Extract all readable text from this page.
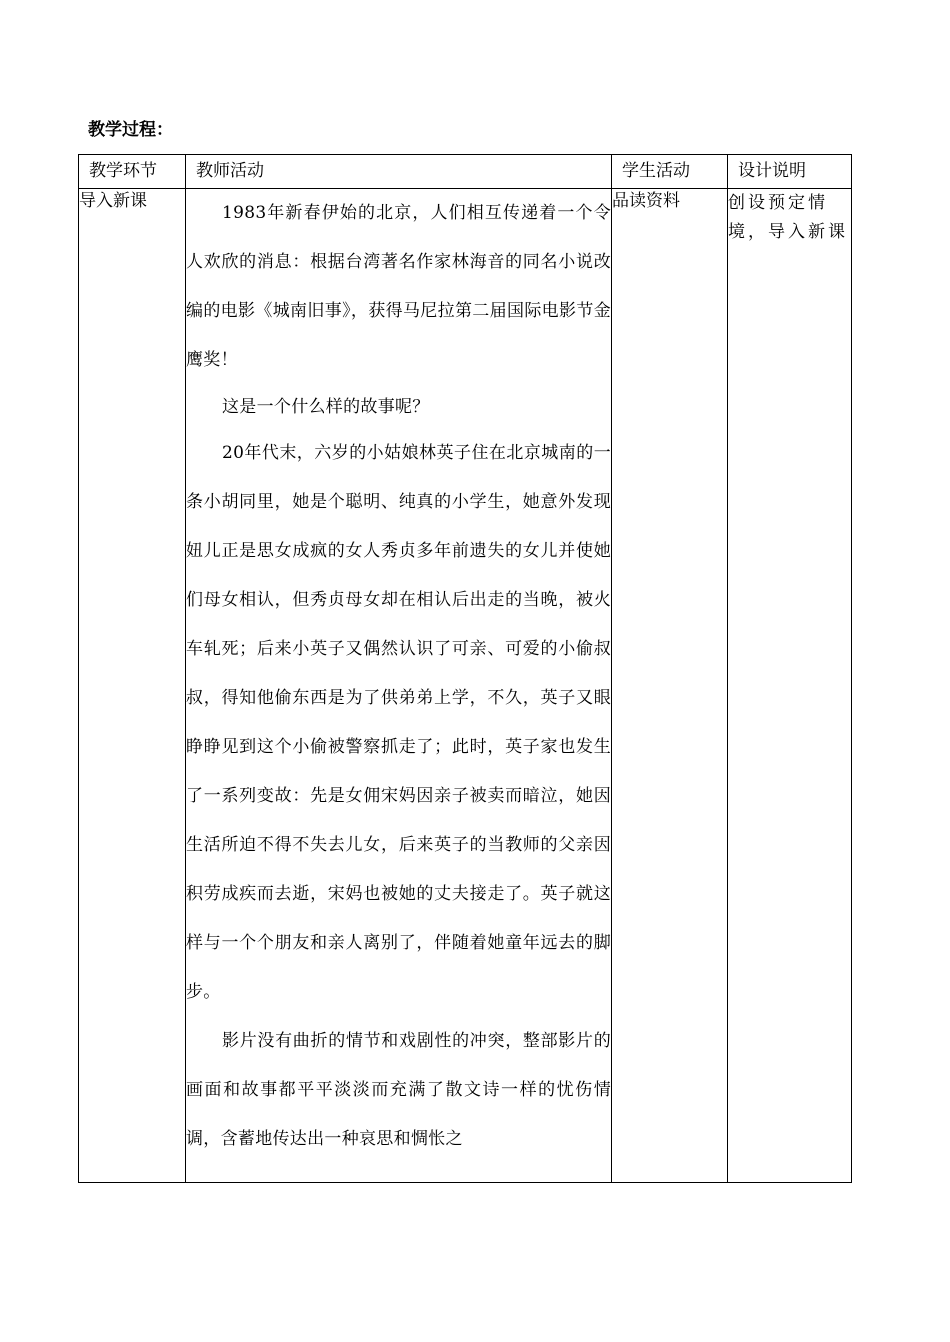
教学过程：
教学环节	教师活动	学生活动	设计说明
导入新课	1983年新春伊始的北京，人们相互传递着一个令人欢欣的消息：根据台湾著名作家林海音的同名小说改编的电影《城南旧事》，获得马尼拉第二届国际电影节金鹰奖！

这是一个什么样的故事呢？

20年代末，六岁的小姑娘林英子住在北京城南的一条小胡同里，她是个聪明、纯真的小学生，她意外发现妞儿正是思女成疯的女人秀贞多年前遗失的女儿并使她们母女相认，但秀贞母女却在相认后出走的当晚，被火车轧死；后来小英子又偶然认识了可亲、可爱的小偷叔叔，得知他偷东西是为了供弟弟上学，不久，英子又眼睁睁见到这个小偷被警察抓走了；此时，英子家也发生了一系列变故：先是女佣宋妈因亲子被卖而暗泣，她因生活所迫不得不失去儿女，后来英子的当教师的父亲因积劳成疾而去逝，宋妈也被她的丈夫接走了。英子就这样与一个个朋友和亲人离别了，伴随着她童年远去的脚步。

影片没有曲折的情节和戏剧性的冲突，整部影片的画面和故事都平平淡淡而充满了散文诗一样的忧伤情调，含蓄地传达出一种哀思和惆怅之	品读资料	创设预定情境，导入新课
